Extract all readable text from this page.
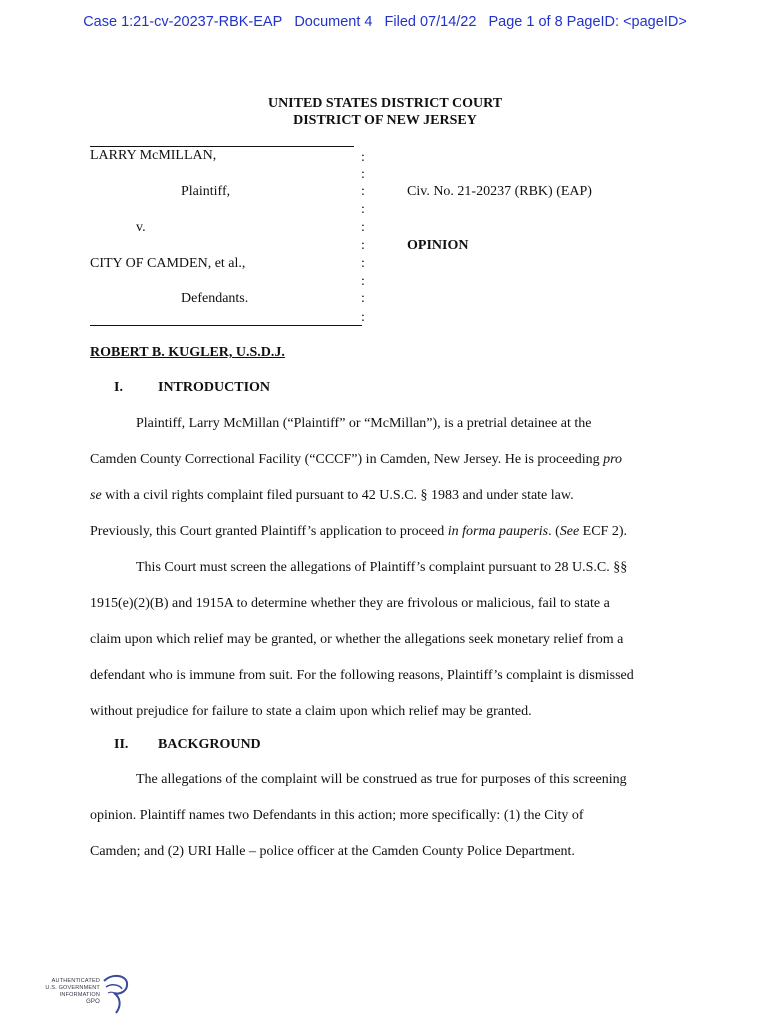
Case 1:21-cv-20237-RBK-EAP Document 4 Filed 07/14/22 Page 1 of 8 PageID: <pageID>
UNITED STATES DISTRICT COURT
DISTRICT OF NEW JERSEY
LARRY McMILLAN,
Plaintiff,
v.
CITY OF CAMDEN, et al.,
Defendants.
:
:
:
:
:
:
:
:
:
:
Civ. No. 21-20237 (RBK) (EAP)
OPINION
ROBERT B. KUGLER, U.S.D.J.
I.	INTRODUCTION
Plaintiff, Larry McMillan (“Plaintiff” or “McMillan”), is a pretrial detainee at the
Camden County Correctional Facility (“CCCF”) in Camden, New Jersey. He is proceeding pro
se with a civil rights complaint filed pursuant to 42 U.S.C. § 1983 and under state law.
Previously, this Court granted Plaintiff’s application to proceed in forma pauperis. (See ECF 2).
This Court must screen the allegations of Plaintiff’s complaint pursuant to 28 U.S.C. §§
1915(e)(2)(B) and 1915A to determine whether they are frivolous or malicious, fail to state a
claim upon which relief may be granted, or whether the allegations seek monetary relief from a
defendant who is immune from suit. For the following reasons, Plaintiff’s complaint is dismissed
without prejudice for failure to state a claim upon which relief may be granted.
II. BACKGROUND
The allegations of the complaint will be construed as true for purposes of this screening
opinion. Plaintiff names two Defendants in this action; more specifically: (1) the City of
Camden; and (2) URI Halle – police officer at the Camden County Police Department.
AUTHENTICATED
U.S. GOVERNMENT
INFORMATION
GPO
